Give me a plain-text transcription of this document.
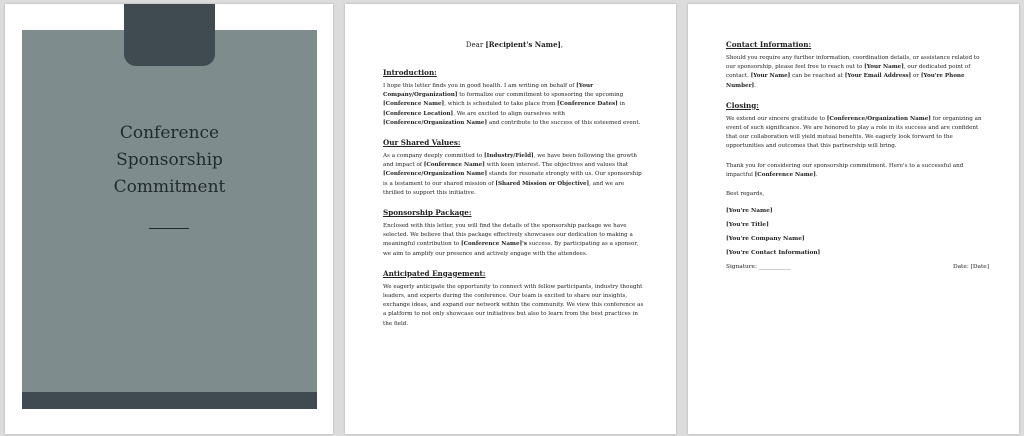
Conference
Sponsorship
Commitment
Dear [Recipient's Name],
Introduction:
I hope this letter finds you in good health. I am writing on behalf of [Your Company/Organization] to formalize our commitment to sponsoring the upcoming [Conference Name], which is scheduled to take place from [Conference Dates] in [Conference Location]. We are excited to align ourselves with [Conference/Organization Name] and contribute to the success of this esteemed event.
Our Shared Values:
As a company deeply committed to [Industry/Field], we have been following the growth and impact of [Conference Name] with keen interest. The objectives and values that [Conference/Organization Name] stands for resonate strongly with us. Our sponsorship is a testament to our shared mission of [Shared Mission or Objective], and we are thrilled to support this initiative.
Sponsorship Package:
Enclosed with this letter, you will find the details of the sponsorship package we have selected. We believe that this package effectively showcases our dedication to making a meaningful contribution to [Conference Name]'s success. By participating as a sponsor, we aim to amplify our presence and actively engage with the attendees.
Anticipated Engagement:
We eagerly anticipate the opportunity to connect with fellow participants, industry thought leaders, and experts during the conference. Our team is excited to share our insights, exchange ideas, and expand our network within the community. We view this conference as a platform to not only showcase our initiatives but also to learn from the best practices in the field.
Contact Information:
Should you require any further information, coordination details, or assistance related to our sponsorship, please feel free to reach out to [Your Name], our dedicated point of contact. [Your Name] can be reached at [Your Email Address] or [You're Phone Number].
Closing:
We extend our sincere gratitude to [Conference/Organization Name] for organizing an event of such significance. We are honored to play a role in its success and are confident that our collaboration will yield mutual benefits. We eagerly look forward to the opportunities and outcomes that this partnership will bring.
Thank you for considering our sponsorship commitment. Here's to a successful and impactful [Conference Name].
Best regards,
[You're Name]
[You're Title]
[You're Company Name]
[You're Contact Information]
Signature: ___________	Date: [Date]
